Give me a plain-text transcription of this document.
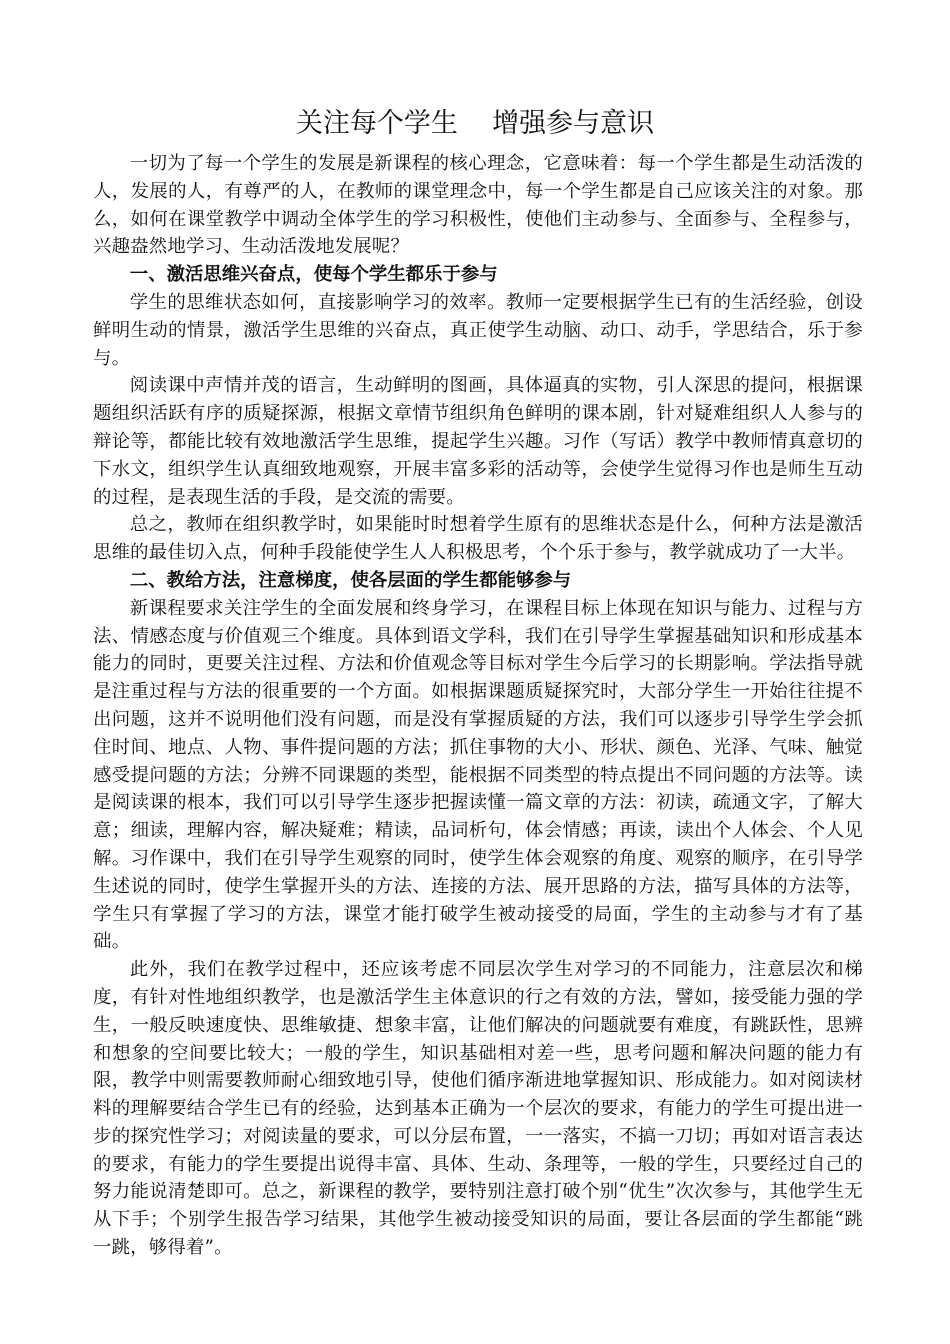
关注每个学生    增强参与意识

一切为了每一个学生的发展是新课程的核心理念，它意味着：每一个学生都是生动活泼的人，发展的人，有尊严的人，在教师的课堂理念中，每一个学生都是自己应该关注的对象。那么，如何在课堂教学中调动全体学生的学习积极性，使他们主动参与、全面参与、全程参与，兴趣盎然地学习、生动活泼地发展呢？

一、激活思维兴奋点，使每个学生都乐于参与

学生的思维状态如何，直接影响学习的效率。教师一定要根据学生已有的生活经验，创设鲜明生动的情景，激活学生思维的兴奋点，真正使学生动脑、动口、动手，学思结合，乐于参与。

阅读课中声情并茂的语言，生动鲜明的图画，具体逼真的实物，引人深思的提问，根据课题组织活跃有序的质疑探源，根据文章情节组织角色鲜明的课本剧，针对疑难组织人人参与的辩论等，都能比较有效地激活学生思维，提起学生兴趣。习作（写话）教学中教师情真意切的下水文，组织学生认真细致地观察，开展丰富多彩的活动等，会使学生觉得习作也是师生互动的过程，是表现生活的手段，是交流的需要。

总之，教师在组织教学时，如果能时时想着学生原有的思维状态是什么，何种方法是激活思维的最佳切入点，何种手段能使学生人人积极思考，个个乐于参与，教学就成功了一大半。

二、教给方法，注意梯度，使各层面的学生都能够参与

新课程要求关注学生的全面发展和终身学习，在课程目标上体现在知识与能力、过程与方法、情感态度与价值观三个维度。具体到语文学科，我们在引导学生掌握基础知识和形成基本能力的同时，更要关注过程、方法和价值观念等目标对学生今后学习的长期影响。学法指导就是注重过程与方法的很重要的一个方面。如根据课题质疑探究时，大部分学生一开始往往提不出问题，这并不说明他们没有问题，而是没有掌握质疑的方法，我们可以逐步引导学生学会抓住时间、地点、人物、事件提问题的方法；抓住事物的大小、形状、颜色、光泽、气味、触觉感受提问题的方法；分辨不同课题的类型，能根据不同类型的特点提出不同问题的方法等。读是阅读课的根本，我们可以引导学生逐步把握读懂一篇文章的方法：初读，疏通文字，了解大意；细读，理解内容，解决疑难；精读，品词析句，体会情感；再读，读出个人体会、个人见解。习作课中，我们在引导学生观察的同时，使学生体会观察的角度、观察的顺序，在引导学生述说的同时，使学生掌握开头的方法、连接的方法、展开思路的方法，描写具体的方法等，学生只有掌握了学习的方法，课堂才能打破学生被动接受的局面，学生的主动参与才有了基础。

此外，我们在教学过程中，还应该考虑不同层次学生对学习的不同能力，注意层次和梯度，有针对性地组织教学，也是激活学生主体意识的行之有效的方法，譬如，接受能力强的学生，一般反映速度快、思维敏捷、想象丰富，让他们解决的问题就要有难度，有跳跃性，思辨和想象的空间要比较大；一般的学生，知识基础相对差一些，思考问题和解决问题的能力有限，教学中则需要教师耐心细致地引导，使他们循序渐进地掌握知识、形成能力。如对阅读材料的理解要结合学生已有的经验，达到基本正确为一个层次的要求，有能力的学生可提出进一步的探究性学习；对阅读量的要求，可以分层布置，一一落实，不搞一刀切；再如对语言表达的要求，有能力的学生要提出说得丰富、具体、生动、条理等，一般的学生，只要经过自己的努力能说清楚即可。总之，新课程的教学，要特别注意打破个别“优生”次次参与，其他学生无从下手；个别学生报告学习结果，其他学生被动接受知识的局面，要让各层面的学生都能“跳一跳，够得着”。
